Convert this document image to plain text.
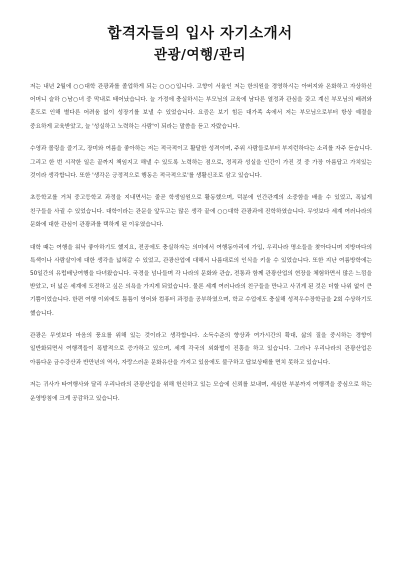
합격자들의 입사 자기소개서
관광/여행/관리

저는 내년 2월에 ○○대학 관광과를 졸업하게 되는 ○○○입니다. 고향이 서울인 저는 한의원을 경영하시는 아버지와 온화하고 자상하신 어머니 슬하 ○남○녀 중 막내로 태어났습니다. 늘 가정에 충실하시는 부모님의 교육에 남다른 열정과 관심을 갖고 계신 부모님의 배려와 훈도로 인해 별다른 어려움 없이 성장기를 보낼 수 있었습니다. 요즘은 보기 힘든 대가족 속에서 저는 부모님으로부터 항상 예절을 중요하게 교육받았고, 늘 '성실하고 노력하는 사람'이 되라는 말씀을 듣고 자랐습니다.

수영과 볼링을 즐기고, 장미와 여름을 좋아하는 저는 적극적이고 활달한 성격이며, 주위 사람들로부터 부지런하다는 소리를 자주 듣습니다. 그리고 한 번 시작한 일은 끝까지 책임지고 해낼 수 있도록 노력하는 점으로, 정직과 성실을 인간이 가진 것 중 가장 아름답고 가치있는 것이라 생각합니다. 또한 '생각은 긍정적으로 행동은 적극적으로'를 생활신조로 삼고 있습니다.

초등학교를 거쳐 중고등학교 과정을 지내면서는 줄곧 학생임원으로 활동했으며, 덕분에 인간관계의 소중함을 배울 수 있었고, 폭넓게 친구들을 사귈 수 있었습니다. 대학이라는 관문을 앞두고는 많은 생각 끝에 ○○대학 관광과에 진학하였습니다. 무엇보다 세계 여러나라의 문화에 대한 관심이 관광과를 택하게 된 이유였습니다.

대학 때는 여행을 워낙 좋아하기도 했지요, 전공에도 충실하자는 의미에서 여행동아리에 가입, 우리나라 명소들을 찾아다니며 지방마다의 특색이나 사람살이에 대한 생각을 넓혀갈 수 있었고, 관광산업에 대해서 나름대로의 인식을 키울 수 있었습니다. 또한 지난 여름방학에는 50일간의 유럽배낭여행을 다녀왔습니다. 국경을 넘나들며 각 나라의 문화와 관습, 전통과 함께 관광산업의 현장을 체험하면서 많은 느낌을 받았고, 더 넓은 세계에 도전하고 싶은 의욕을 가지게 되었습니다. 물론 세계 여러나라의 친구들을 만나고 사귀게 된 것은 더할 나위 없이 큰 기쁨이었습니다. 한편 여행 이외에도 틈틈이 영어와 컴퓨터 과정을 공부하였으며, 학교 수업에도 충실해 성적우수장학금을 2회 수상하기도 했습니다.

관광은 무엇보다 마음의 풍요를 위해 있는 것이라고 생각합니다. 소득수준의 향상과 여가시간의 확대, 삶의 질을 중시하는 경향이 일반화되면서 여행객들이 폭발적으로 증가하고 있으며, 세계 각국의 외화벌이 진흥을 하고 있습니다. 그러나 우리나라의 관광산업은 아름다운 금수강산과 반만년의 역사, 자랑스러운 문화유산을 가지고 있음에도 불구하고 답보상태를 면치 못하고 있습니다.

저는 귀사가 타여행사와 달리 우리나라의 관광산업을 위해 헌신하고 있는 모습에 신뢰를 보내며, 세심한 부분까지 여행객을 중심으로 하는 운영방침에 크게 공감하고 있습니다.
